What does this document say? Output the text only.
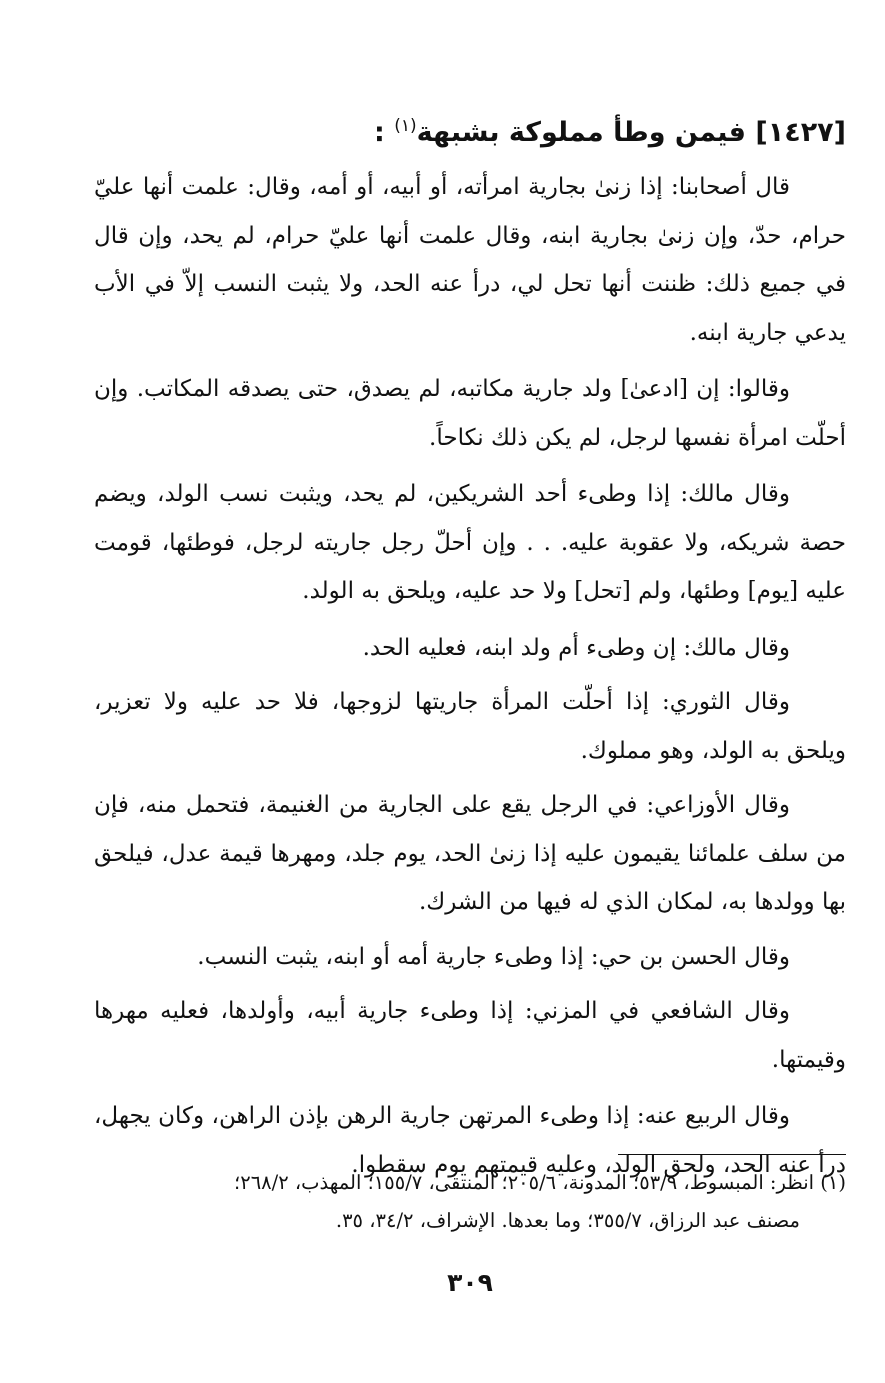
[١٤٢٧] فيمن وطأ مملوكة بشبهة$^{(١)}$ :

قال أصحابنا: إذا زنىٰ بجارية امرأته، أو أبيه، أو أمه، وقال: علمت أنها عليّ حرام، حدّ، وإن زنىٰ بجارية ابنه، وقال علمت أنها عليّ حرام، لم يحد، وإن قال في جميع ذلك: ظننت أنها تحل لي، درأ عنه الحد، ولا يثبت النسب إلاّ في الأب يدعي جارية ابنه.

وقالوا: إن [ادعىٰ] ولد جارية مكاتبه، لم يصدق، حتى يصدقه المكاتب. وإن أحلّت امرأة نفسها لرجل، لم يكن ذلك نكاحاً.

وقال مالك: إذا وطىء أحد الشريكين، لم يحد، ويثبت نسب الولد، ويضم حصة شريكه، ولا عقوبة عليه. . . وإن أحلّ رجل جاريته لرجل، فوطئها، قومت عليه [يوم] وطئها، ولم [تحل] ولا حد عليه، ويلحق به الولد.

وقال مالك: إن وطىء أم ولد ابنه، فعليه الحد.

وقال الثوري: إذا أحلّت المرأة جاريتها لزوجها، فلا حد عليه ولا تعزير، ويلحق به الولد، وهو مملوك.

وقال الأوزاعي: في الرجل يقع على الجارية من الغنيمة، فتحمل منه، فإن من سلف علمائنا يقيمون عليه إذا زنىٰ الحد، يوم جلد، ومهرها قيمة عدل، فيلحق بها وولدها به، لمكان الذي له فيها من الشرك.

وقال الحسن بن حي: إذا وطىء جارية أمه أو ابنه، يثبت النسب.

وقال الشافعي في المزني: إذا وطىء جارية أبيه، وأولدها، فعليه مهرها وقيمتها.

وقال الربيع عنه: إذا وطىء المرتهن جارية الرهن بإذن الراهن، وكان يجهل، درأ عنه الحد، ولحق الولد، وعليه قيمتهم يوم سقطوا.

(١) انظر: المبسوط، ٥٣/٩؛ المدونة، ٢٠٥/٦؛ المنتقى، ١٥٥/٧؛ المهذب، ٢٦٨/٢؛
مصنف عبد الرزاق، ٣٥٥/٧؛ وما بعدها. الإشراف، ٣٤/٢، ٣٥.
٣٠٩
